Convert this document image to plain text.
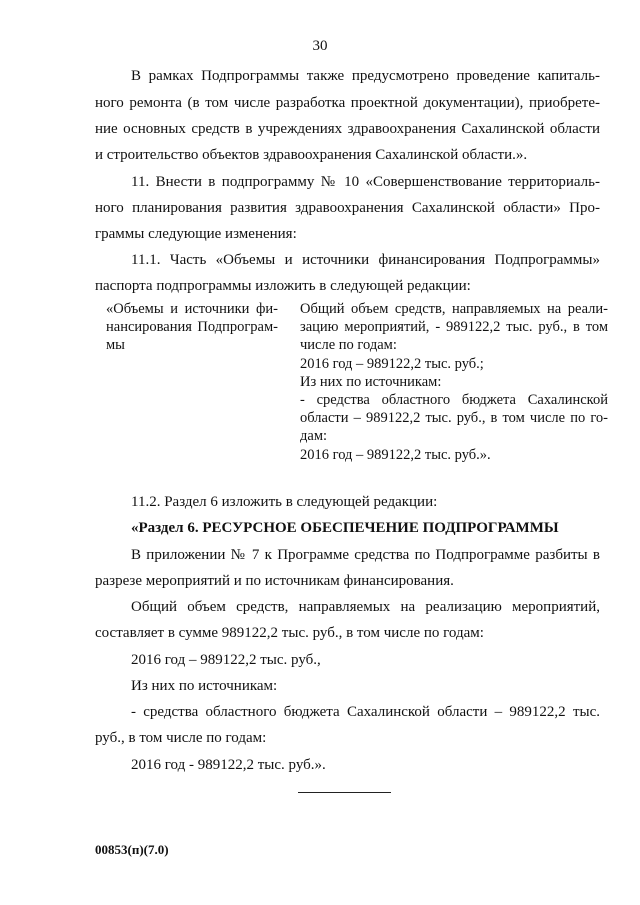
30
В рамках Подпрограммы также предусмотрено проведение капиталь-
ного ремонта (в том числе разработка проектной документации), приобрете-
ние основных средств в учреждениях здравоохранения Сахалинской области
и строительство объектов здравоохранения Сахалинской области.».
11. Внести в подпрограмму № 10 «Совершенствование территориаль-
ного планирования развития здравоохранения Сахалинской области» Про-
граммы следующие изменения:
11.1. Часть «Объемы и источники финансирования Подпрограммы»
паспорта подпрограммы изложить в следующей редакции:
«Объемы и источники фи-
нансирования Подпрограм-
мы
Общий объем средств, направляемых на реали-
зацию мероприятий, - 989122,2 тыс. руб., в том
числе по годам:
2016 год – 989122,2 тыс. руб.;
Из них по источникам:
- средства областного бюджета Сахалинской
области – 989122,2 тыс. руб., в том числе по го-
дам:
2016 год – 989122,2 тыс. руб.».
11.2. Раздел 6 изложить в следующей редакции:
«Раздел 6. РЕСУРСНОЕ ОБЕСПЕЧЕНИЕ ПОДПРОГРАММЫ
В приложении № 7 к Программе средства по Подпрограмме разбиты в
разрезе мероприятий и по источникам финансирования.
Общий объем средств, направляемых на реализацию мероприятий,
составляет в сумме 989122,2 тыс. руб., в том числе по годам:
2016 год – 989122,2 тыс. руб.,
Из них по источникам:
- средства областного бюджета Сахалинской области – 989122,2 тыс.
руб., в том числе по годам:
2016 год - 989122,2 тыс. руб.».
00853(п)(7.0)
